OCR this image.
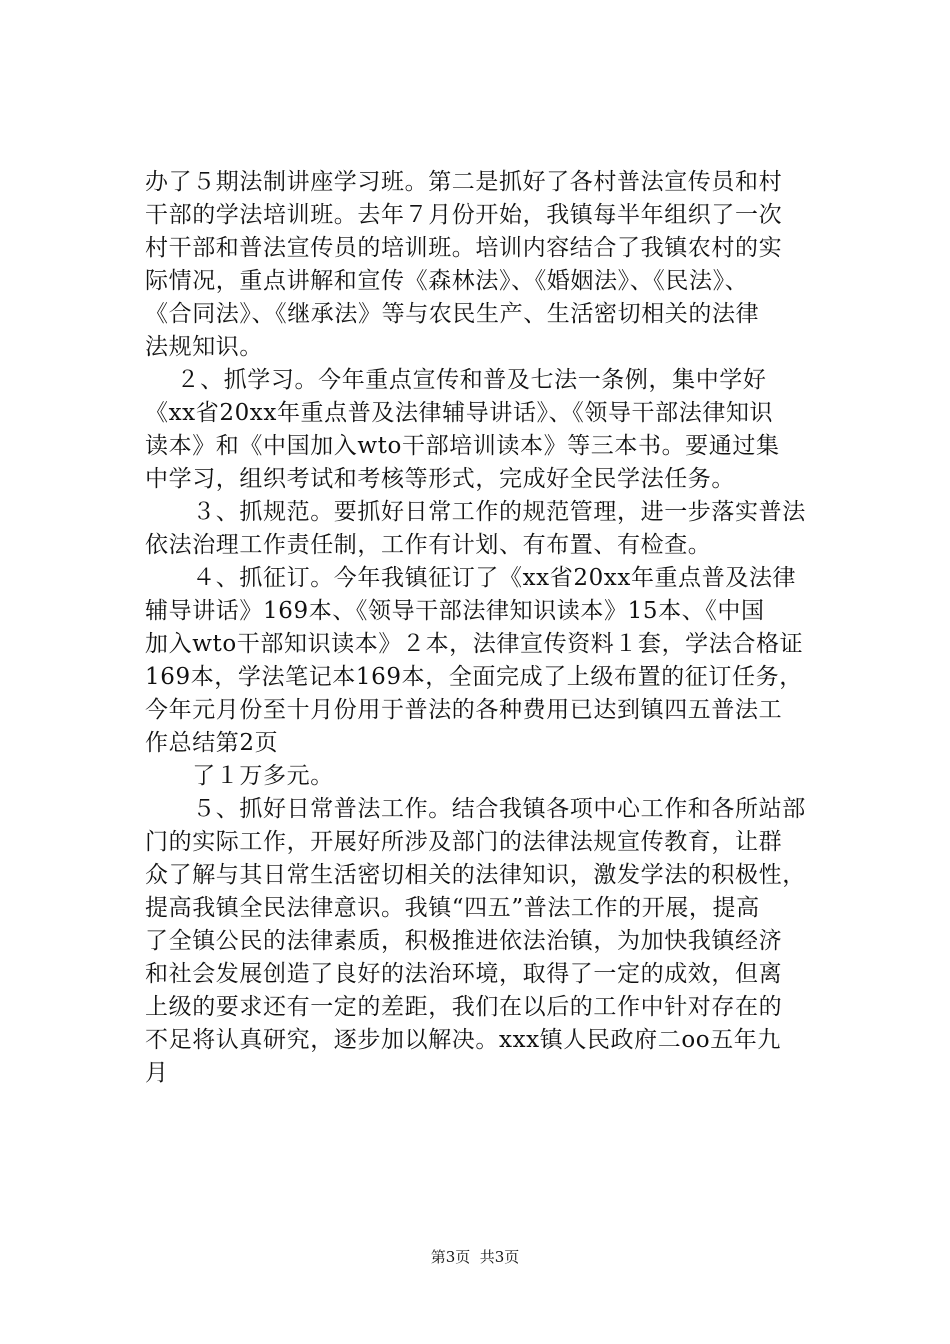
办了５期法制讲座学习班。第二是抓好了各村普法宣传员和村
干部的学法培训班。去年７月份开始，我镇每半年组织了一次
村干部和普法宣传员的培训班。培训内容结合了我镇农村的实
际情况，重点讲解和宣传《森林法》、《婚姻法》、《民法》、
《合同法》、《继承法》等与农民生产、生活密切相关的法律
法规知识。
　 ２、抓学习。今年重点宣传和普及七法一条例，集中学好
《xx省20xx年重点普及法律辅导讲话》、《领导干部法律知识
读本》和《中国加入wto干部培训读本》等三本书。要通过集
中学习，组织考试和考核等形式，完成好全民学法任务。
　　３、抓规范。要抓好日常工作的规范管理，进一步落实普法
依法治理工作责任制，工作有计划、有布置、有检查。
　　４、抓征订。今年我镇征订了《xx省20xx年重点普及法律
辅导讲话》169本、《领导干部法律知识读本》15本、《中国
加入wto干部知识读本》２本，法律宣传资料１套，学法合格证
169本，学法笔记本169本，全面完成了上级布置的征订任务，
今年元月份至十月份用于普法的各种费用已达到镇四五普法工
作总结第2页
　　了１万多元。
　　５、抓好日常普法工作。结合我镇各项中心工作和各所站部
门的实际工作，开展好所涉及部门的法律法规宣传教育，让群
众了解与其日常生活密切相关的法律知识，激发学法的积极性，
提高我镇全民法律意识。我镇“四五”普法工作的开展，提高
了全镇公民的法律素质，积极推进依法治镇，为加快我镇经济
和社会发展创造了良好的法治环境，取得了一定的成效，但离
上级的要求还有一定的差距，我们在以后的工作中针对存在的
不足将认真研究，逐步加以解决。xxx镇人民政府二oo五年九
月
第3页  共3页
